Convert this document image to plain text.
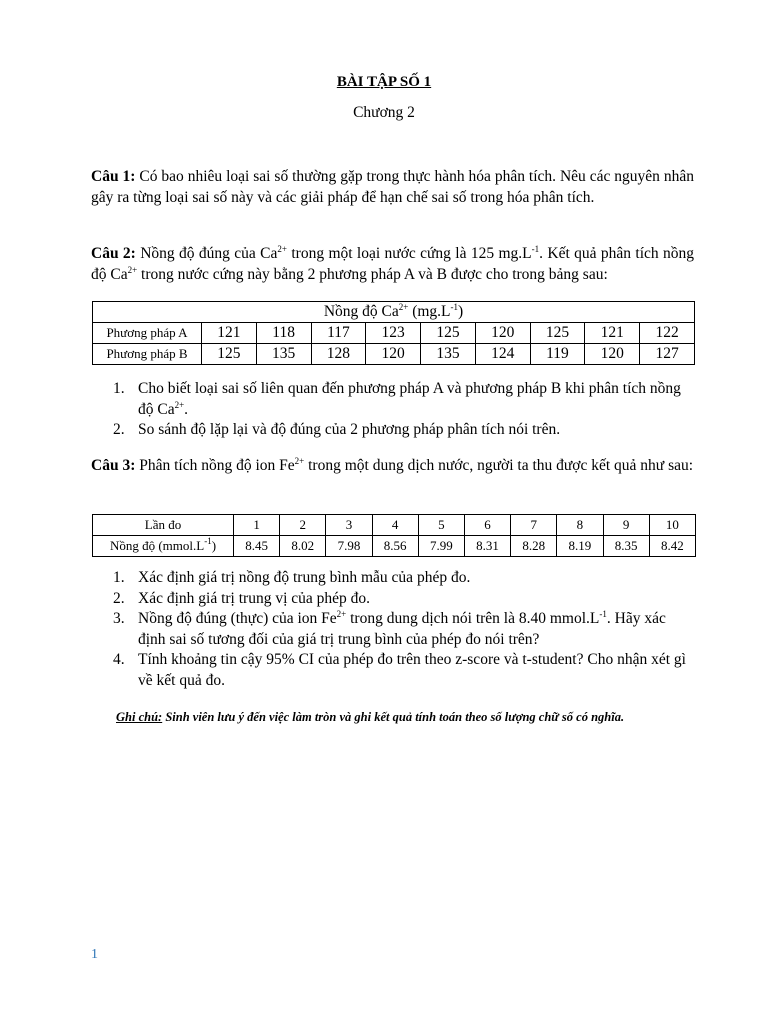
BÀI TẬP SỐ 1
Chương 2

Câu 1: Có bao nhiêu loại sai số thường gặp trong thực hành hóa phân tích. Nêu các nguyên nhân gây ra từng loại sai số này và các giải pháp để hạn chế sai số trong hóa phân tích.

Câu 2: Nồng độ đúng của $Ca^{2+}$ trong một loại nước cứng là 125 $mg.L^{-1}$. Kết quả phân tích nồng độ $Ca^{2+}$ trong nước cứng này bằng 2 phương pháp A và B được cho trong bảng sau:

Nồng độ $Ca^{2+}$ $(mg.L^{-1})$									
Phương pháp A	121	118	117	123	125	120	125	121	122
Phương pháp B	125	135	128	120	135	124	119	120	127
1. Cho biết loại sai số liên quan đến phương pháp A và phương pháp B khi phân tích nồng độ $Ca^{2+}$.
2. So sánh độ lặp lại và độ đúng của 2 phương pháp phân tích nói trên.

Câu 3: Phân tích nồng độ ion $Fe^{2+}$ trong một dung dịch nước, người ta thu được kết quả như sau:

Lần đo	1	2	3	4	5	6	7	8	9	10
Nồng độ $(mmol.L^{-1})$	8.45	8.02	7.98	8.56	7.99	8.31	8.28	8.19	8.35	8.42
1. Xác định giá trị nồng độ trung bình mẫu của phép đo.
2. Xác định giá trị trung vị của phép đo.
3. Nồng độ đúng (thực) của ion $Fe^{2+}$ trong dung dịch nói trên là 8.40 $mmol.L^{-1}$. Hãy xác định sai số tương đối của giá trị trung bình của phép đo nói trên?
4. Tính khoảng tin cậy 95% CI của phép đo trên theo z-score và t-student? Cho nhận xét gì về kết quả đo.
Ghi chú: Sinh viên lưu ý đến việc làm tròn và ghi kết quả tính toán theo số lượng chữ số có nghĩa.
1
